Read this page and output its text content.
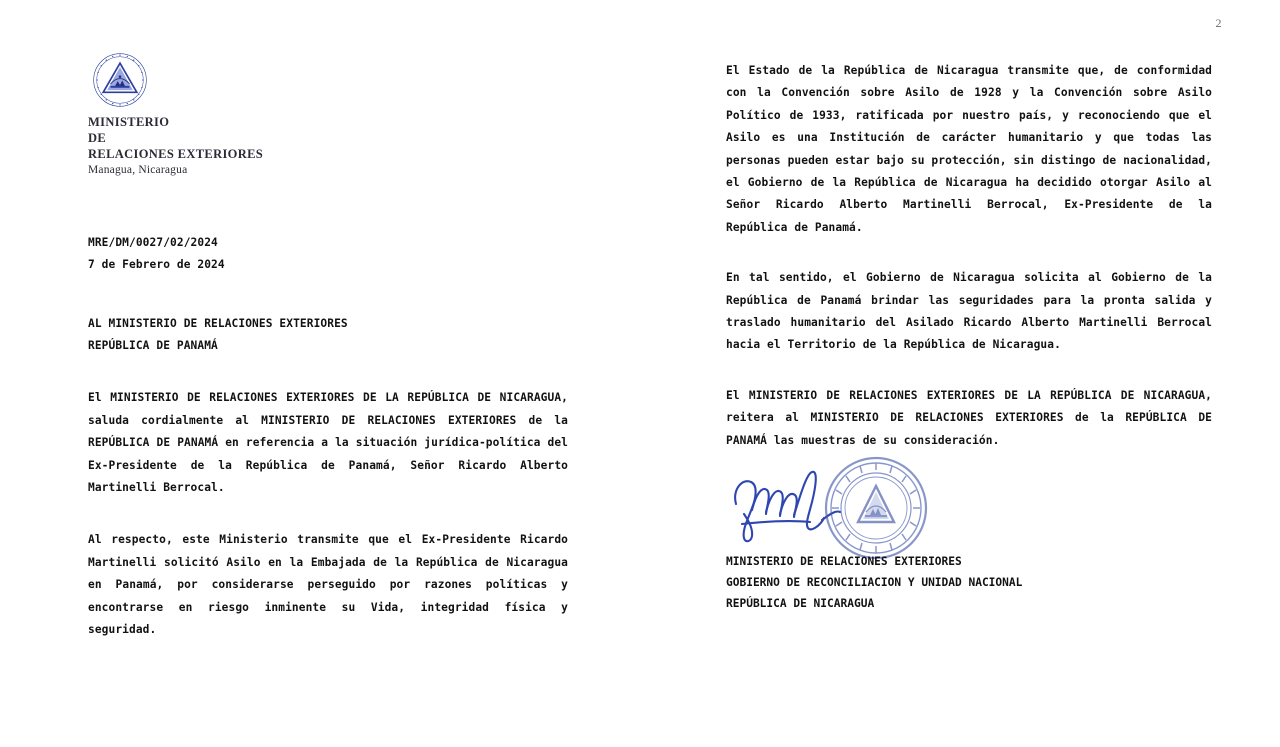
2
MINISTERIO
DE
RELACIONES EXTERIORES
Managua, Nicaragua
MRE/DM/0027/02/2024
7 de Febrero de 2024
AL MINISTERIO DE RELACIONES EXTERIORES
REPÚBLICA DE PANAMÁ

El MINISTERIO DE RELACIONES EXTERIORES DE LA REPÚBLICA DE NICARAGUA, saluda cordialmente al MINISTERIO DE RELACIONES EXTERIORES de la REPÚBLICA DE PANAMÁ en referencia a la situación jurídica-política del Ex-Presidente de la República de Panamá, Señor Ricardo Alberto Martinelli Berrocal.

Al respecto, este Ministerio transmite que el Ex-Presidente Ricardo Martinelli solicitó Asilo en la Embajada de la República de Nicaragua en Panamá, por considerarse perseguido por razones políticas y encontrarse en riesgo inminente su Vida, integridad física y seguridad.

El Estado de la República de Nicaragua transmite que, de conformidad con la Convención sobre Asilo de 1928 y la Convención sobre Asilo Político de 1933, ratificada por nuestro país, y reconociendo que el Asilo es una Institución de carácter humanitario y que todas las personas pueden estar bajo su protección, sin distingo de nacionalidad, el Gobierno de la República de Nicaragua ha decidido otorgar Asilo al Señor Ricardo Alberto Martinelli Berrocal, Ex-Presidente de la República de Panamá.

En tal sentido, el Gobierno de Nicaragua solicita al Gobierno de la República de Panamá brindar las seguridades para la pronta salida y traslado humanitario del Asilado Ricardo Alberto Martinelli Berrocal hacia el Territorio de la República de Nicaragua.

El MINISTERIO DE RELACIONES EXTERIORES DE LA REPÚBLICA DE NICARAGUA, reitera al MINISTERIO DE RELACIONES EXTERIORES de la REPÚBLICA DE PANAMÁ las muestras de su consideración.

MINISTERIO DE RELACIONES EXTERIORES
GOBIERNO DE RECONCILIACION Y UNIDAD NACIONAL
REPÚBLICA DE NICARAGUA
